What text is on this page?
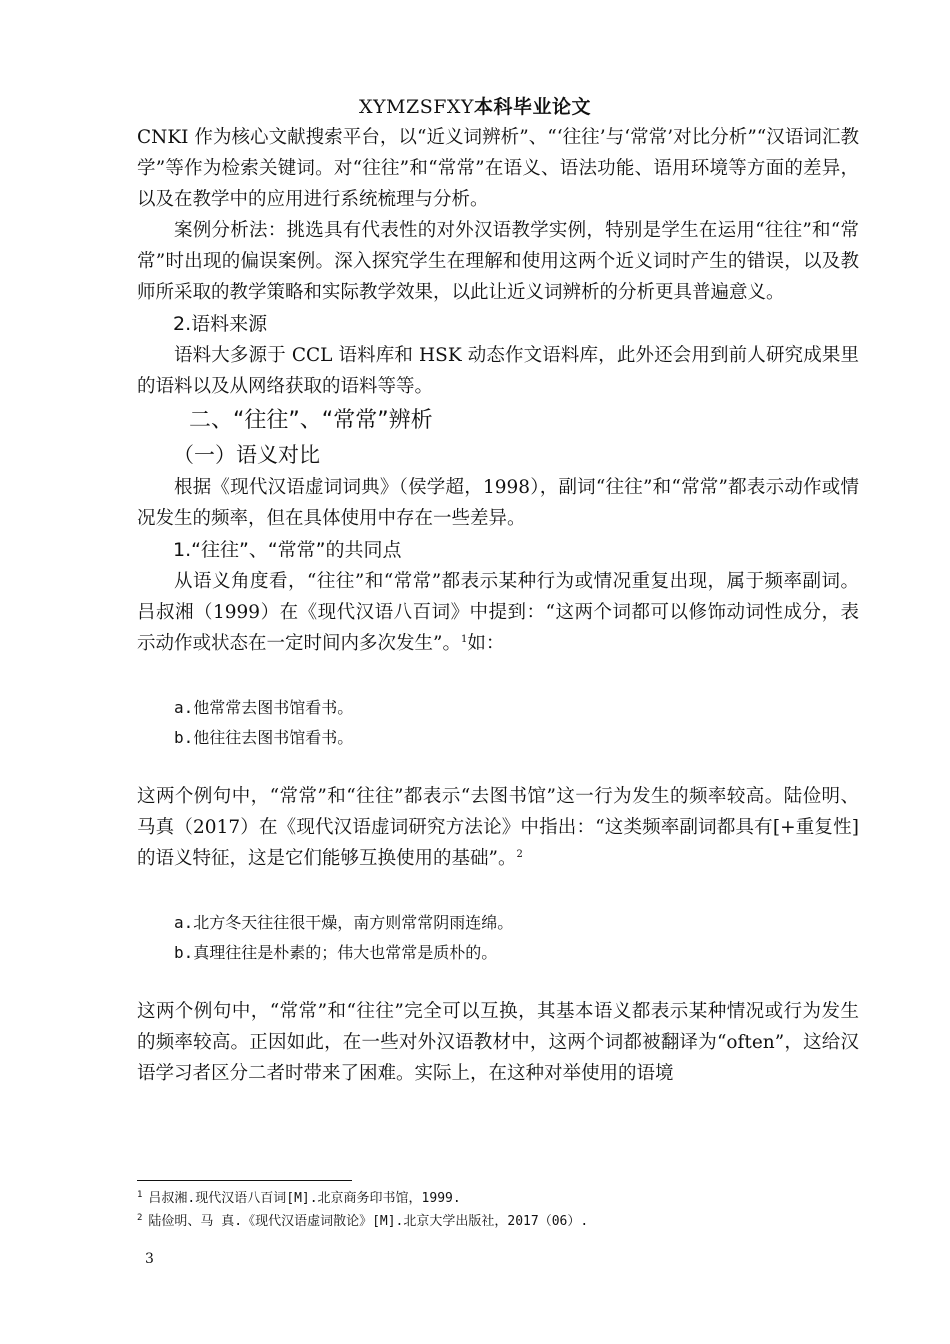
XYMZSFXY本科毕业论文

CNKI 作为核心文献搜索平台，以“近义词辨析”、“‘往往’与‘常常’对比分析”“汉语词汇教学”等作为检索关键词。对“往往”和“常常”在语义、语法功能、语用环境等方面的差异，以及在教学中的应用进行系统梳理与分析。

案例分析法：挑选具有代表性的对外汉语教学实例，特别是学生在运用“往往”和“常常”时出现的偏误案例。深入探究学生在理解和使用这两个近义词时产生的错误，以及教师所采取的教学策略和实际教学效果，以此让近义词辨析的分析更具普遍意义。

2.语料来源

语料大多源于 CCL 语料库和 HSK 动态作文语料库，此外还会用到前人研究成果里的语料以及从网络获取的语料等等。

二、“往往”、“常常”辨析
（一）语义对比

根据《现代汉语虚词词典》（侯学超，1998），副词“往往”和“常常”都表示动作或情况发生的频率，但在具体使用中存在一些差异。

1.“往往”、“常常”的共同点

从语义角度看，“往往”和“常常”都表示某种行为或情况重复出现，属于频率副词。吕叔湘（1999）在《现代汉语八百词》中提到：“这两个词都可以修饰动词性成分，表示动作或状态在一定时间内多次发生”。$^1$如：

a.他常常去图书馆看书。
b.他往往去图书馆看书。

这两个例句中，“常常”和“往往”都表示“去图书馆”这一行为发生的频率较高。陆俭明、马真（2017）在《现代汉语虚词研究方法论》中指出：“这类频率副词都具有[+重复性]的语义特征，这是它们能够互换使用的基础”。$^2$

a.北方冬天往往很干燥，南方则常常阴雨连绵。
b.真理往往是朴素的；伟大也常常是质朴的。

这两个例句中，“常常”和“往往”完全可以互换，其基本语义都表示某种情况或行为发生的频率较高。正因如此，在一些对外汉语教材中，这两个词都被翻译为“often”，这给汉语学习者区分二者时带来了困难。实际上，在这种对举使用的语境

$^1$ 吕叔湘.现代汉语八百词[M].北京商务印书馆，1999.
$^2$ 陆俭明、马 真.《现代汉语虚词散论》[M].北京大学出版社，2017（06）.
3
